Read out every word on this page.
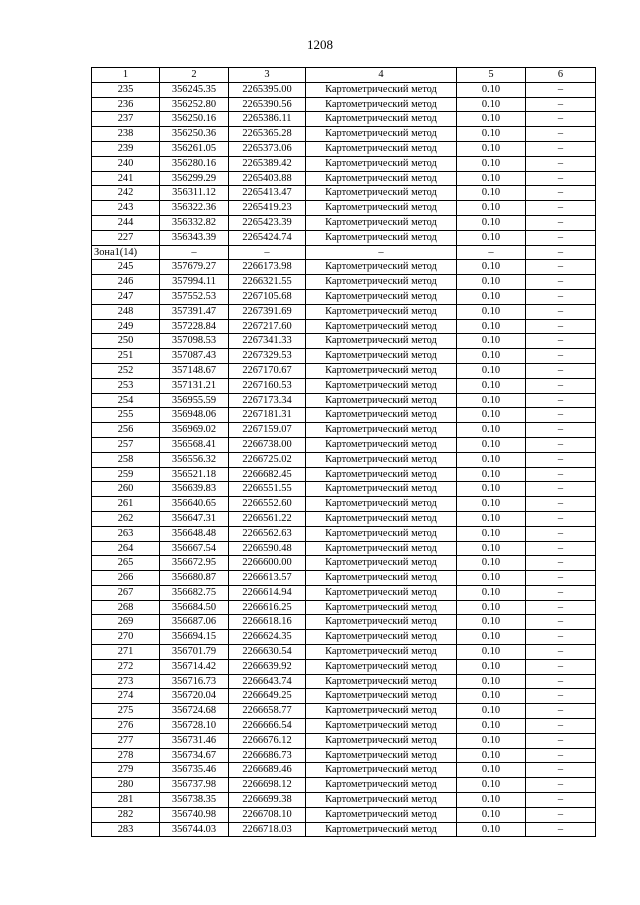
1208
1	2	3	4	5	6
235	356245.35	2265395.00	Картометрический метод	0.10	–
236	356252.80	2265390.56	Картометрический метод	0.10	–
237	356250.16	2265386.11	Картометрический метод	0.10	–
238	356250.36	2265365.28	Картометрический метод	0.10	–
239	356261.05	2265373.06	Картометрический метод	0.10	–
240	356280.16	2265389.42	Картометрический метод	0.10	–
241	356299.29	2265403.88	Картометрический метод	0.10	–
242	356311.12	2265413.47	Картометрический метод	0.10	–
243	356322.36	2265419.23	Картометрический метод	0.10	–
244	356332.82	2265423.39	Картометрический метод	0.10	–
227	356343.39	2265424.74	Картометрический метод	0.10	–
Зона1(14)	–	–	–	–	–
245	357679.27	2266173.98	Картометрический метод	0.10	–
246	357994.11	2266321.55	Картометрический метод	0.10	–
247	357552.53	2267105.68	Картометрический метод	0.10	–
248	357391.47	2267391.69	Картометрический метод	0.10	–
249	357228.84	2267217.60	Картометрический метод	0.10	–
250	357098.53	2267341.33	Картометрический метод	0.10	–
251	357087.43	2267329.53	Картометрический метод	0.10	–
252	357148.67	2267170.67	Картометрический метод	0.10	–
253	357131.21	2267160.53	Картометрический метод	0.10	–
254	356955.59	2267173.34	Картометрический метод	0.10	–
255	356948.06	2267181.31	Картометрический метод	0.10	–
256	356969.02	2267159.07	Картометрический метод	0.10	–
257	356568.41	2266738.00	Картометрический метод	0.10	–
258	356556.32	2266725.02	Картометрический метод	0.10	–
259	356521.18	2266682.45	Картометрический метод	0.10	–
260	356639.83	2266551.55	Картометрический метод	0.10	–
261	356640.65	2266552.60	Картометрический метод	0.10	–
262	356647.31	2266561.22	Картометрический метод	0.10	–
263	356648.48	2266562.63	Картометрический метод	0.10	–
264	356667.54	2266590.48	Картометрический метод	0.10	–
265	356672.95	2266600.00	Картометрический метод	0.10	–
266	356680.87	2266613.57	Картометрический метод	0.10	–
267	356682.75	2266614.94	Картометрический метод	0.10	–
268	356684.50	2266616.25	Картометрический метод	0.10	–
269	356687.06	2266618.16	Картометрический метод	0.10	–
270	356694.15	2266624.35	Картометрический метод	0.10	–
271	356701.79	2266630.54	Картометрический метод	0.10	–
272	356714.42	2266639.92	Картометрический метод	0.10	–
273	356716.73	2266643.74	Картометрический метод	0.10	–
274	356720.04	2266649.25	Картометрический метод	0.10	–
275	356724.68	2266658.77	Картометрический метод	0.10	–
276	356728.10	2266666.54	Картометрический метод	0.10	–
277	356731.46	2266676.12	Картометрический метод	0.10	–
278	356734.67	2266686.73	Картометрический метод	0.10	–
279	356735.46	2266689.46	Картометрический метод	0.10	–
280	356737.98	2266698.12	Картометрический метод	0.10	–
281	356738.35	2266699.38	Картометрический метод	0.10	–
282	356740.98	2266708.10	Картометрический метод	0.10	–
283	356744.03	2266718.03	Картометрический метод	0.10	–
